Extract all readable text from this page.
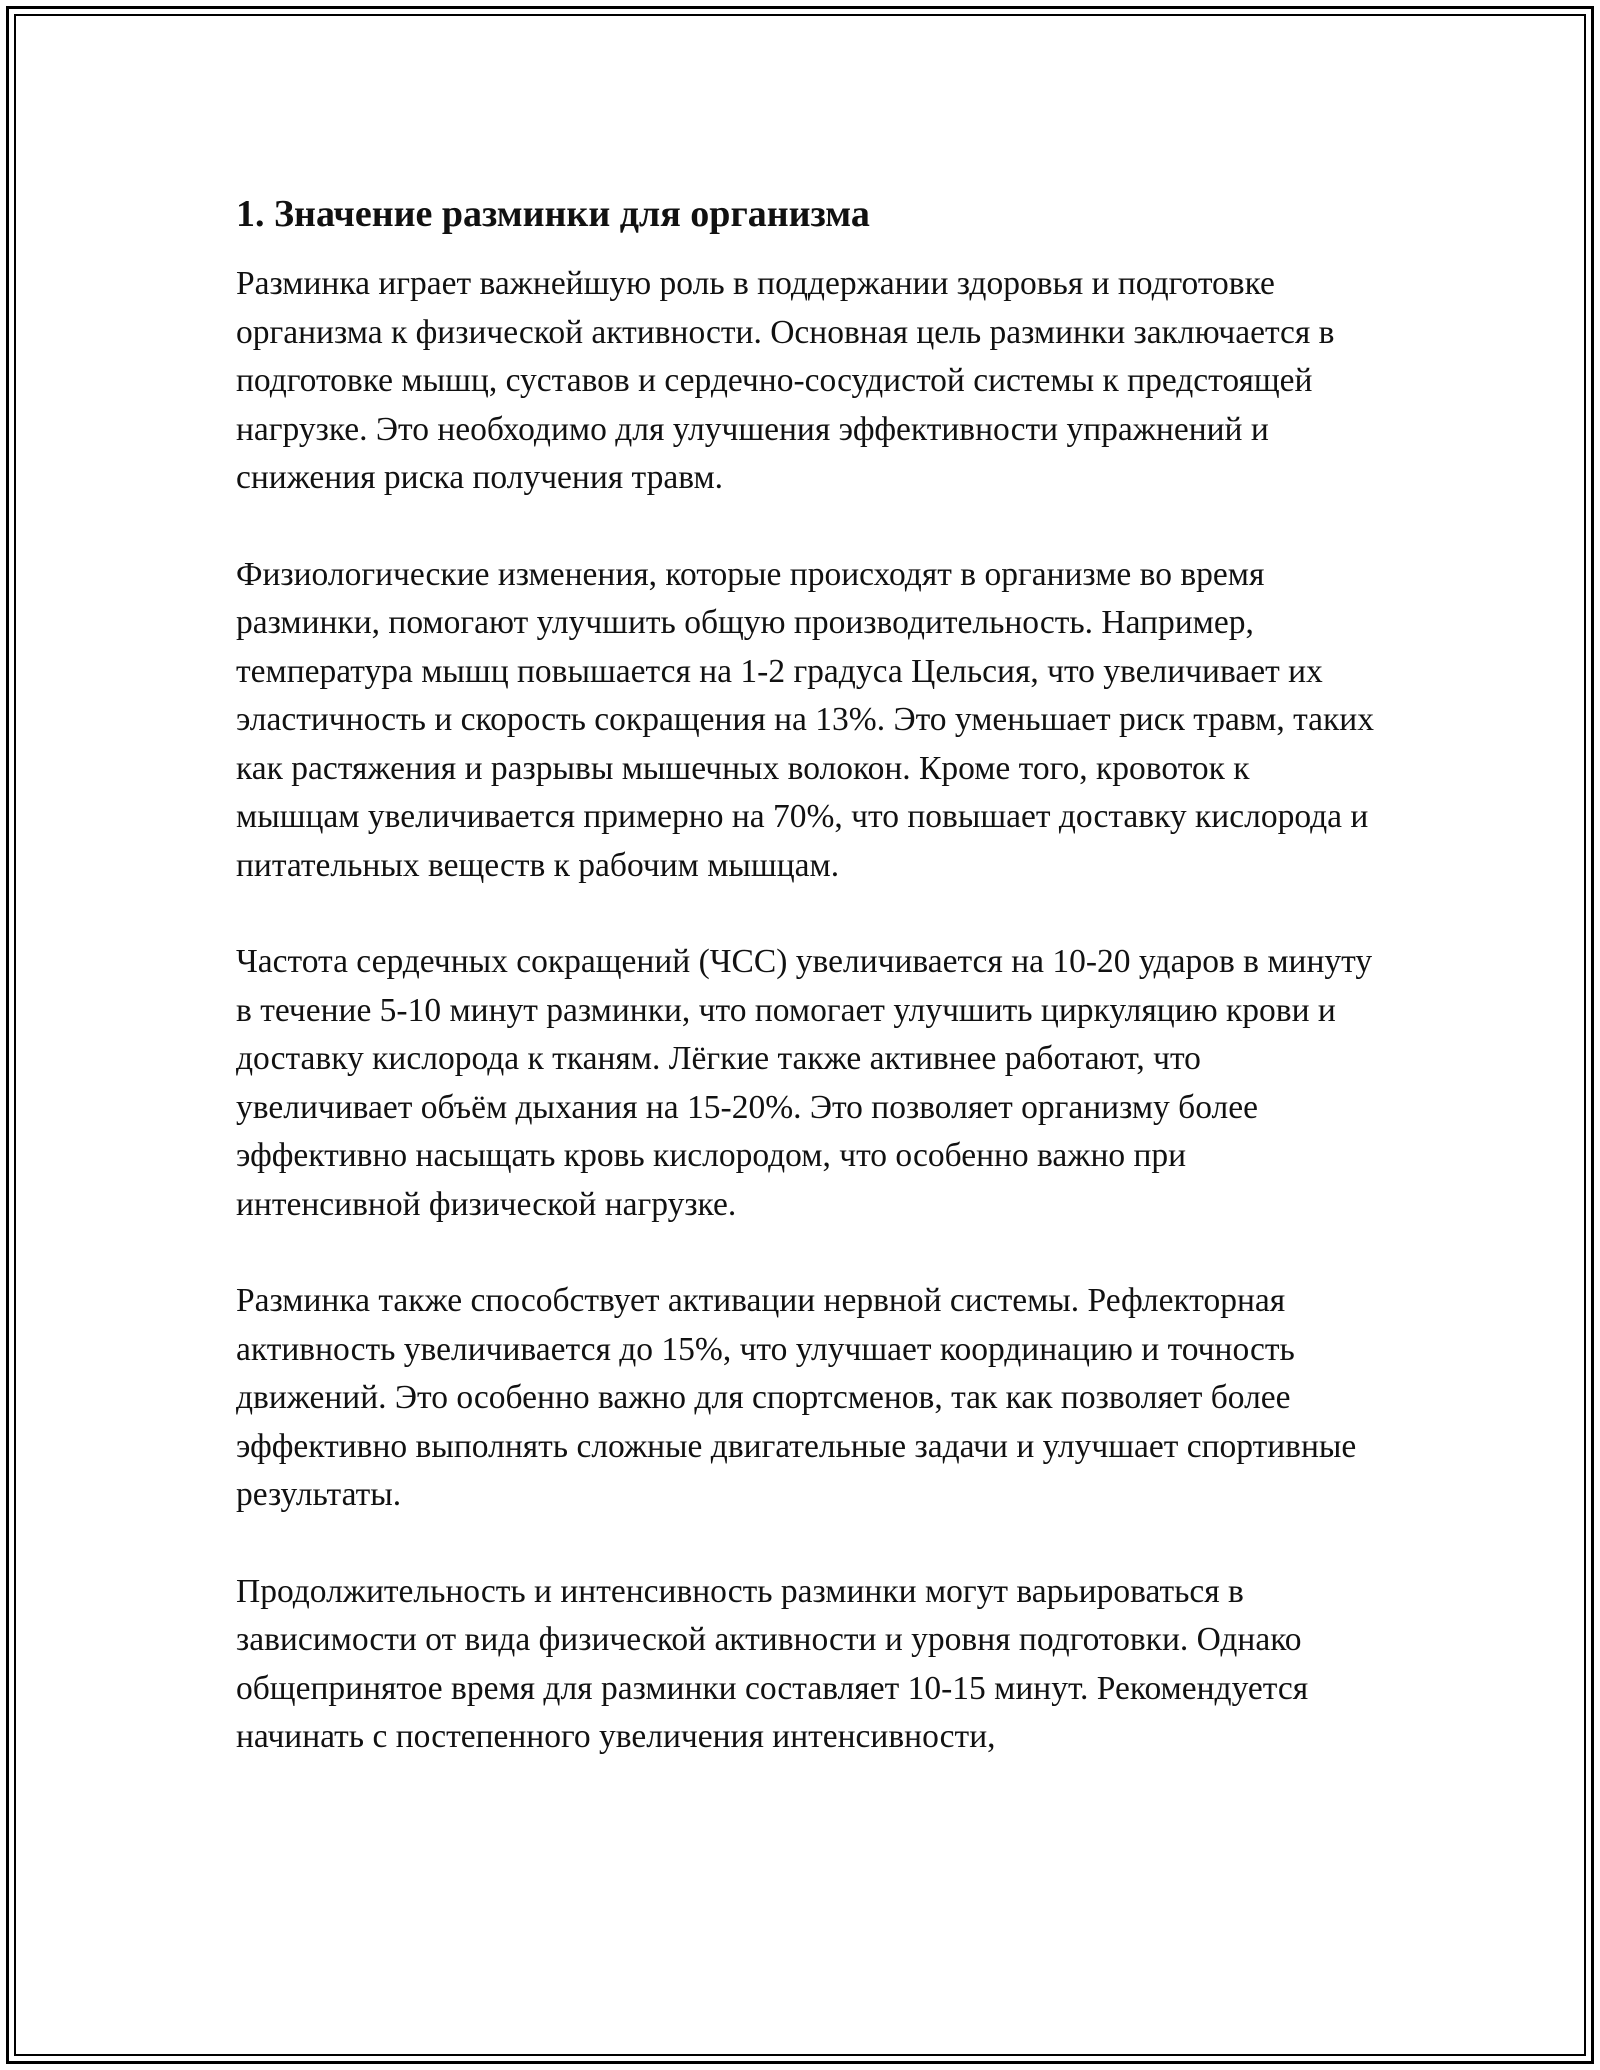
1. Значение разминки для организма

Разминка играет важнейшую роль в поддержании здоровья и подготовке организма к физической активности. Основная цель разминки заключается в подготовке мышц, суставов и сердечно-сосудистой системы к предстоящей нагрузке. Это необходимо для улучшения эффективности упражнений и снижения риска получения травм.

Физиологические изменения, которые происходят в организме во время разминки, помогают улучшить общую производительность. Например, температура мышц повышается на 1-2 градуса Цельсия, что увеличивает их эластичность и скорость сокращения на 13%. Это уменьшает риск травм, таких как растяжения и разрывы мышечных волокон. Кроме того, кровоток к мышцам увеличивается примерно на 70%, что повышает доставку кислорода и питательных веществ к рабочим мышцам.

Частота сердечных сокращений (ЧСС) увеличивается на 10-20 ударов в минуту в течение 5-10 минут разминки, что помогает улучшить циркуляцию крови и доставку кислорода к тканям. Лёгкие также активнее работают, что увеличивает объём дыхания на 15-20%. Это позволяет организму более эффективно насыщать кровь кислородом, что особенно важно при интенсивной физической нагрузке.

Разминка также способствует активации нервной системы. Рефлекторная активность увеличивается до 15%, что улучшает координацию и точность движений. Это особенно важно для спортсменов, так как позволяет более эффективно выполнять сложные двигательные задачи и улучшает спортивные результаты.

Продолжительность и интенсивность разминки могут варьироваться в зависимости от вида физической активности и уровня подготовки. Однако общепринятое время для разминки составляет 10-15 минут. Рекомендуется начинать с постепенного увеличения интенсивности,
